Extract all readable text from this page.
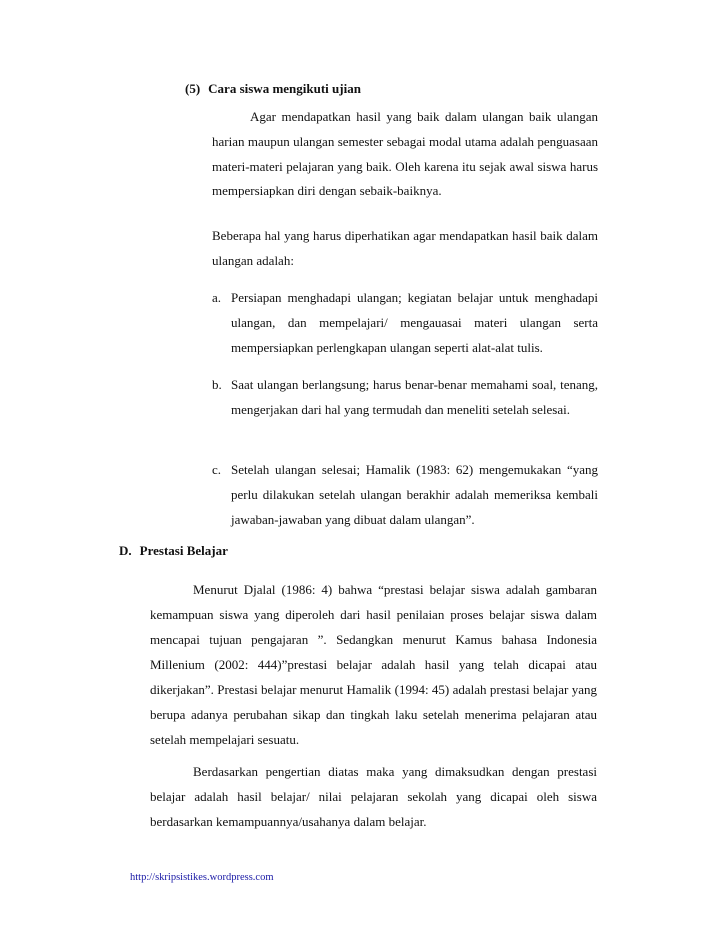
(5) Cara siswa mengikuti ujian

Agar mendapatkan hasil yang baik dalam ulangan baik ulangan harian maupun ulangan semester sebagai modal utama adalah penguasaan materi-materi pelajaran yang baik. Oleh karena itu sejak awal siswa harus mempersiapkan diri dengan sebaik-baiknya.

Beberapa hal yang harus diperhatikan agar mendapatkan hasil baik dalam ulangan adalah:

a. Persiapan menghadapi ulangan; kegiatan belajar untuk menghadapi ulangan, dan mempelajari/ mengauasai materi ulangan serta mempersiapkan perlengkapan ulangan seperti alat-alat tulis.
b. Saat ulangan berlangsung; harus benar-benar memahami soal, tenang, mengerjakan dari hal yang termudah dan meneliti setelah selesai.
c. Setelah ulangan selesai; Hamalik (1983: 62) mengemukakan “yang perlu dilakukan setelah ulangan berakhir adalah memeriksa kembali jawaban-jawaban yang dibuat dalam ulangan”.
D. Prestasi Belajar

Menurut Djalal (1986: 4) bahwa “prestasi belajar siswa adalah gambaran kemampuan siswa yang diperoleh dari hasil penilaian proses belajar siswa dalam mencapai tujuan pengajaran ”. Sedangkan menurut Kamus bahasa Indonesia Millenium (2002: 444)”prestasi belajar adalah hasil yang telah dicapai atau dikerjakan”. Prestasi belajar menurut Hamalik (1994: 45) adalah prestasi belajar yang berupa adanya perubahan sikap dan tingkah laku setelah menerima pelajaran atau setelah mempelajari sesuatu.

Berdasarkan pengertian diatas maka yang dimaksudkan dengan prestasi belajar adalah hasil belajar/ nilai pelajaran sekolah yang dicapai oleh siswa berdasarkan kemampuannya/usahanya dalam belajar.

http://skripsistikes.wordpress.com
